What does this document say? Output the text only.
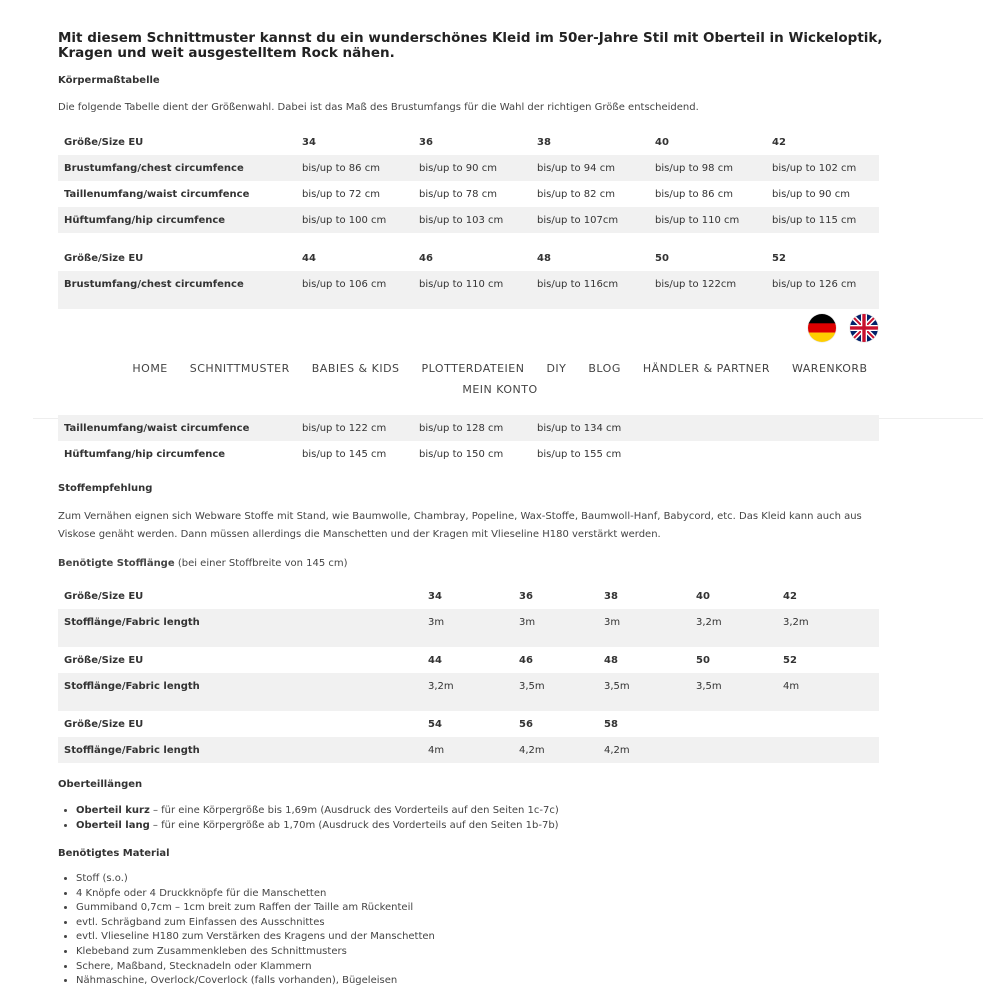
Mit diesem Schnittmuster kannst du ein wunderschönes Kleid im 50er-Jahre Stil mit Oberteil in Wickeloptik, Kragen und weit ausgestelltem Rock nähen.
Körpermaßtabelle
Die folgende Tabelle dient der Größenwahl. Dabei ist das Maß des Brustumfangs für die Wahl der richtigen Größe entscheidend.
Größe/Size EU	34	36	38	40	42
Brustumfang/chest circumfence	bis/up to 86 cm	bis/up to 90 cm	bis/up to 94 cm	bis/up to 98 cm	bis/up to 102 cm
Taillenumfang/waist circumfence	bis/up to 72 cm	bis/up to 78 cm	bis/up to 82 cm	bis/up to 86 cm	bis/up to 90 cm
Hüftumfang/hip circumfence	bis/up to 100 cm	bis/up to 103 cm	bis/up to 107cm	bis/up to 110 cm	bis/up to 115 cm
Größe/Size EU	44	46	48	50	52
Brustumfang/chest circumfence	bis/up to 106 cm	bis/up to 110 cm	bis/up to 116cm	bis/up to 122cm	bis/up to 126 cm

HOME SCHNITTMUSTER BABIES & KIDS PLOTTERDATEIEN DIY BLOG HÄNDLER & PARTNER WARENKORB
MEIN KONTO
Taillenumfang/waist circumfence	bis/up to 122 cm	bis/up to 128 cm	bis/up to 134 cm		
Hüftumfang/hip circumfence	bis/up to 145 cm	bis/up to 150 cm	bis/up to 155 cm		
Stoffempfehlung
Zum Vernähen eignen sich Webware Stoffe mit Stand, wie Baumwolle, Chambray, Popeline, Wax-Stoffe, Baumwoll-Hanf, Babycord, etc. Das Kleid kann auch aus Viskose genäht werden. Dann müssen allerdings die Manschetten und der Kragen mit Vlieseline H180 verstärkt werden.
Benötigte Stofflänge (bei einer Stoffbreite von 145 cm)
Größe/Size EU	34	36	38	40	42
Stofflänge/Fabric length	3m	3m	3m	3,2m	3,2m

Größe/Size EU	44	46	48	50	52
Stofflänge/Fabric length	3,2m	3,5m	3,5m	3,5m	4m

Größe/Size EU	54	56	58		
Stofflänge/Fabric length	4m	4,2m	4,2m		
Oberteillängen
• Oberteil kurz – für eine Körpergröße bis 1,69m (Ausdruck des Vorderteils auf den Seiten 1c-7c)
• Oberteil lang – für eine Körpergröße ab 1,70m (Ausdruck des Vorderteils auf den Seiten 1b-7b)
Benötigtes Material
• Stoff (s.o.)
• 4 Knöpfe oder 4 Druckknöpfe für die Manschetten
• Gummiband 0,7cm – 1cm breit zum Raffen der Taille am Rückenteil
• evtl. Schrägband zum Einfassen des Ausschnittes
• evtl. Vlieseline H180 zum Verstärken des Kragens und der Manschetten
• Klebeband zum Zusammenkleben des Schnittmusters
• Schere, Maßband, Stecknadeln oder Klammern
• Nähmaschine, Overlock/Coverlock (falls vorhanden), Bügeleisen
